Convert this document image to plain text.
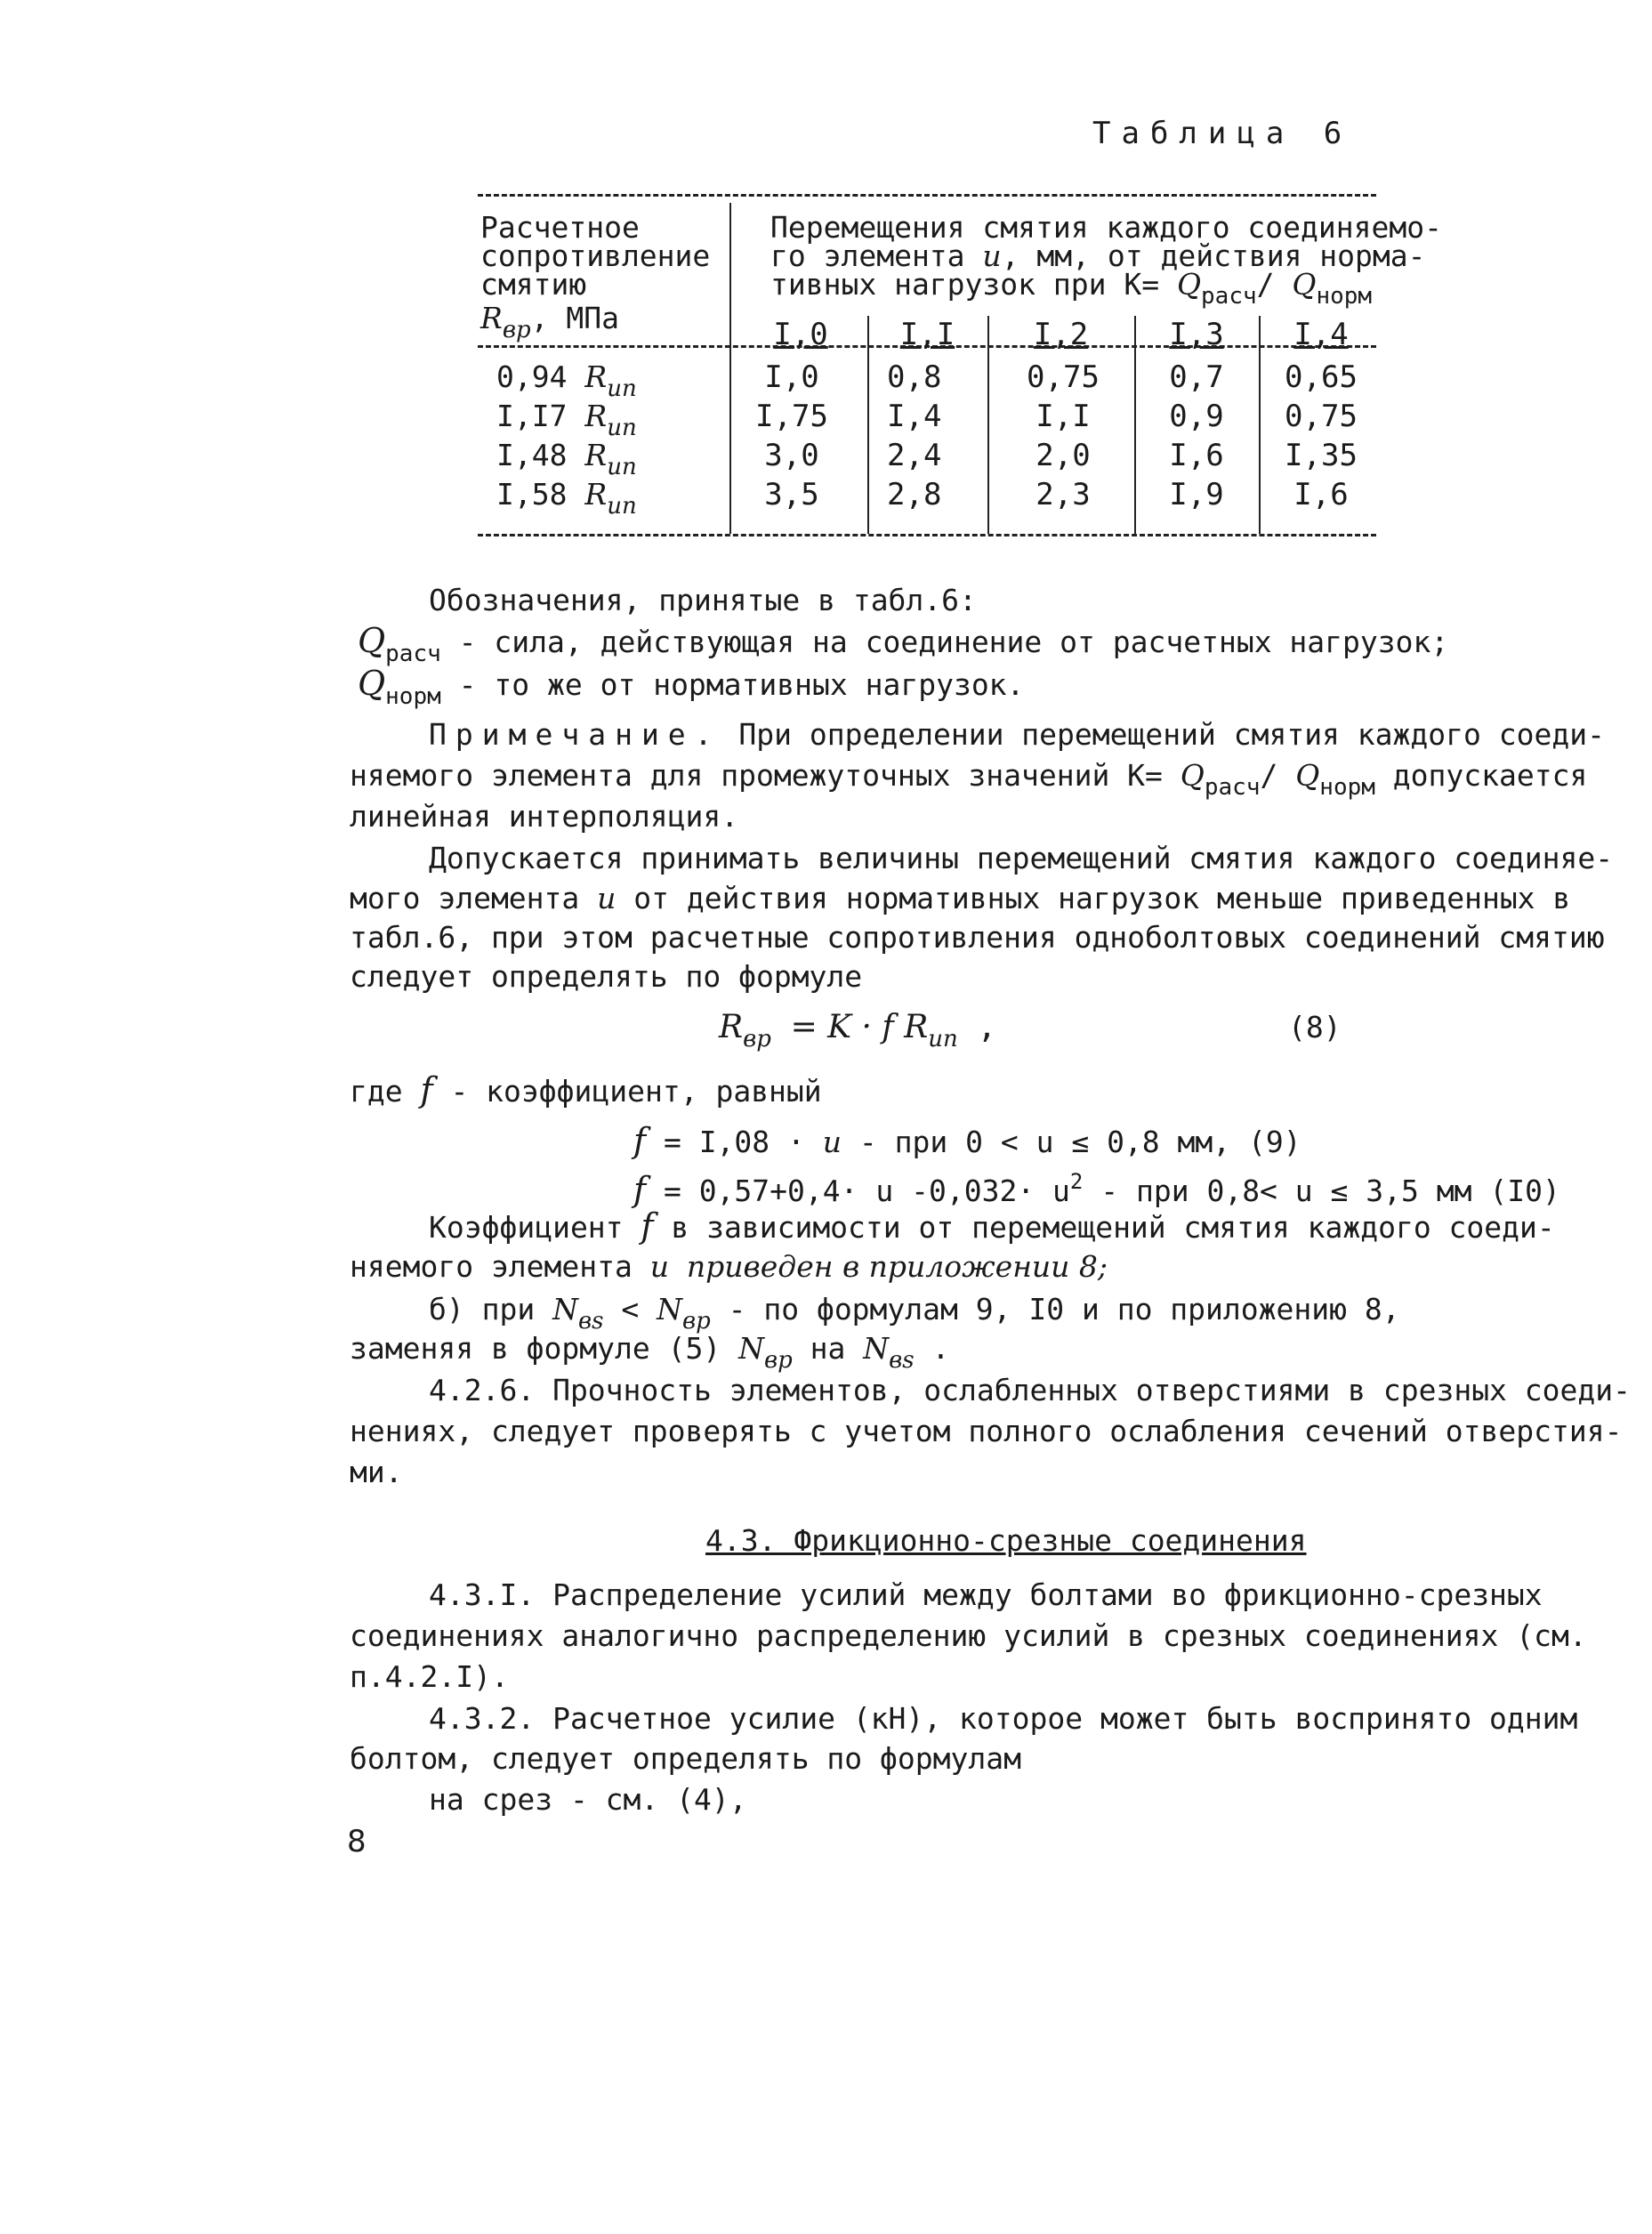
Таблица 6
Расчетное
сопротивление
смятию
$R_{вр}$, МПа
Перемещения смятия каждого соединяемо-
го элемента u, мм, от действия норма-
тивных нагрузок при $К= Q_{расч}/$ $Q_{норм}$
I,0	I,I	I,2	I,3	I,4
0,94 $R_{un}$	I,0	0,8	0,75	0,7	0,65
I,I7 $R_{un}$	I,75	I,4	I,I	0,9	0,75
I,48 $R_{un}$	3,0	2,4	2,0	I,6	I,35
I,58 $R_{un}$	3,5	2,8	2,3	I,9	I,6
Обозначения, принятые в табл.6:
$Q_{расч}$ - сила, действующая на соединение от расчетных нагрузок;
$Q_{норм}$ - то же от нормативных нагрузок.
Примечание. При определении перемещений смятия каждого соеди-
няемого элемента для промежуточных значений $К= Q_{расч}/$ $Q_{норм}$ допускается
линейная интерполяция.
Допускается принимать величины перемещений смятия каждого соединяе-
мого элемента u от действия нормативных нагрузок меньше приведенных в
табл.6, при этом расчетные сопротивления одноболтовых соединений смятию
следует определять по формуле
$R_{вр} = K \cdot f$ $R_{un}$ ,	(8)
где f - коэффициент, равный
f = I,08 · u - при 0 < u ≤ 0,8 мм, (9)
f = 0,57+0,4· u $-0,032\cdot u^2$ - при 0,8< u ≤ 3,5 мм (I0)
Коэффициент f в зависимости от перемещений смятия каждого соеди-
няемого элемента u приведен в приложении 8;
б) при $N_{вs} < N_{вр}$ - по формулам 9, I0 и по приложению 8,
заменяя в формуле (5) $N_{вр}$ на $N_{вs}$ .
4.2.6. Прочность элементов, ослабленных отверстиями в срезных соеди-
нениях, следует проверять с учетом полного ослабления сечений отверстия-
ми.
4.3. Фрикционно-срезные соединения
4.3.I. Распределение усилий между болтами во фрикционно-срезных
соединениях аналогично распределению усилий в срезных соединениях (см.
п.4.2.I).
4.3.2. Расчетное усилие (кН), которое может быть воспринято одним
болтом, следует определять по формулам
на срез - см. (4),
8
